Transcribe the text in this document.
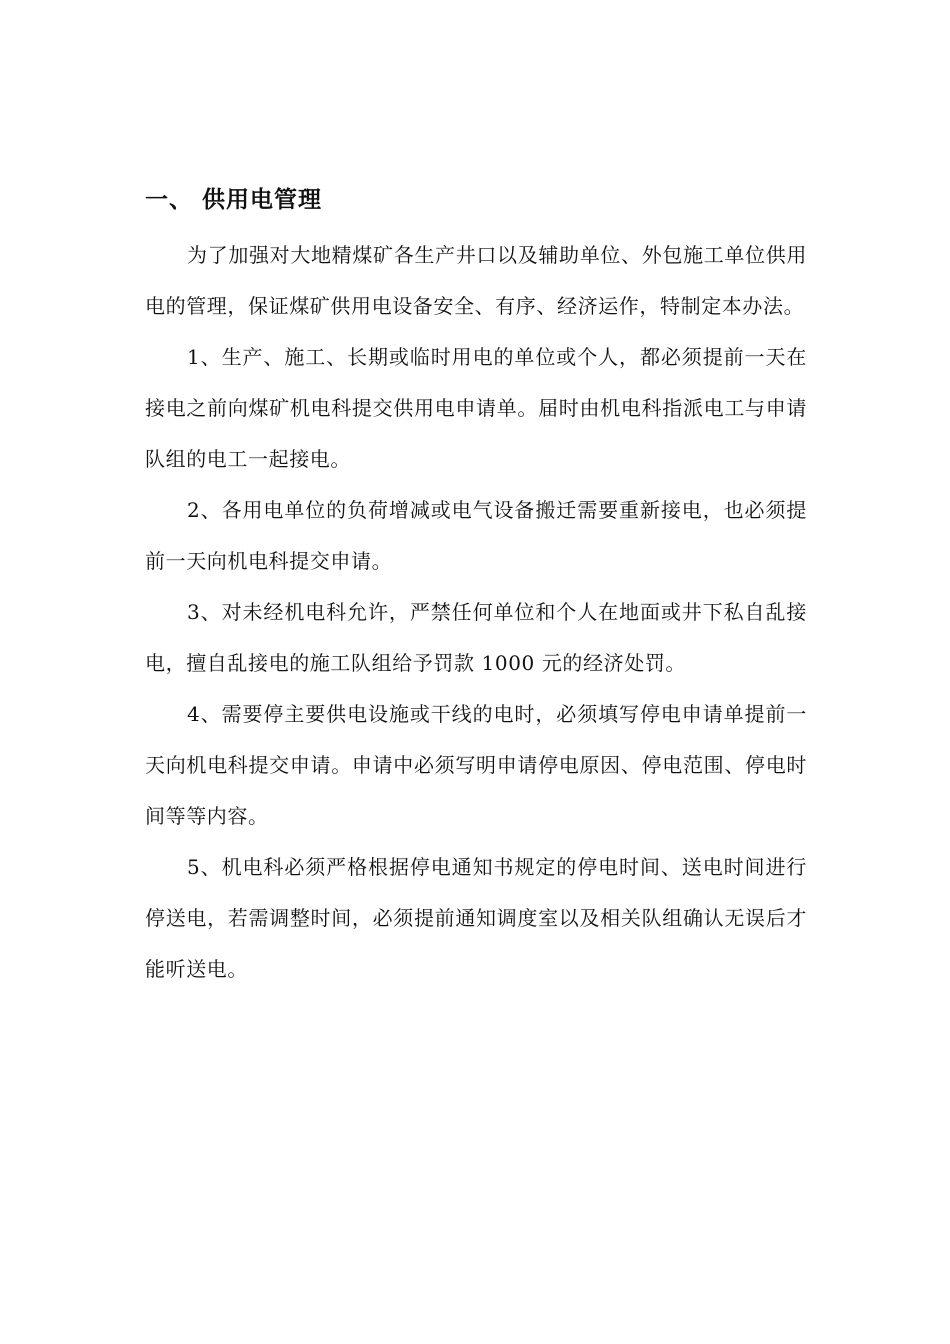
一、 供用电管理

为了加强对大地精煤矿各生产井口以及辅助单位、外包施工单位供用电的管理，保证煤矿供用电设备安全、有序、经济运作，特制定本办法。

1、生产、施工、长期或临时用电的单位或个人，都必须提前一天在接电之前向煤矿机电科提交供用电申请单。届时由机电科指派电工与申请队组的电工一起接电。

2、各用电单位的负荷增减或电气设备搬迁需要重新接电，也必须提前一天向机电科提交申请。

3、对未经机电科允许，严禁任何单位和个人在地面或井下私自乱接电，擅自乱接电的施工队组给予罚款 1000 元的经济处罚。

4、需要停主要供电设施或干线的电时，必须填写停电申请单提前一天向机电科提交申请。申请中必须写明申请停电原因、停电范围、停电时间等等内容。

5、机电科必须严格根据停电通知书规定的停电时间、送电时间进行停送电，若需调整时间，必须提前通知调度室以及相关队组确认无误后才能听送电。
